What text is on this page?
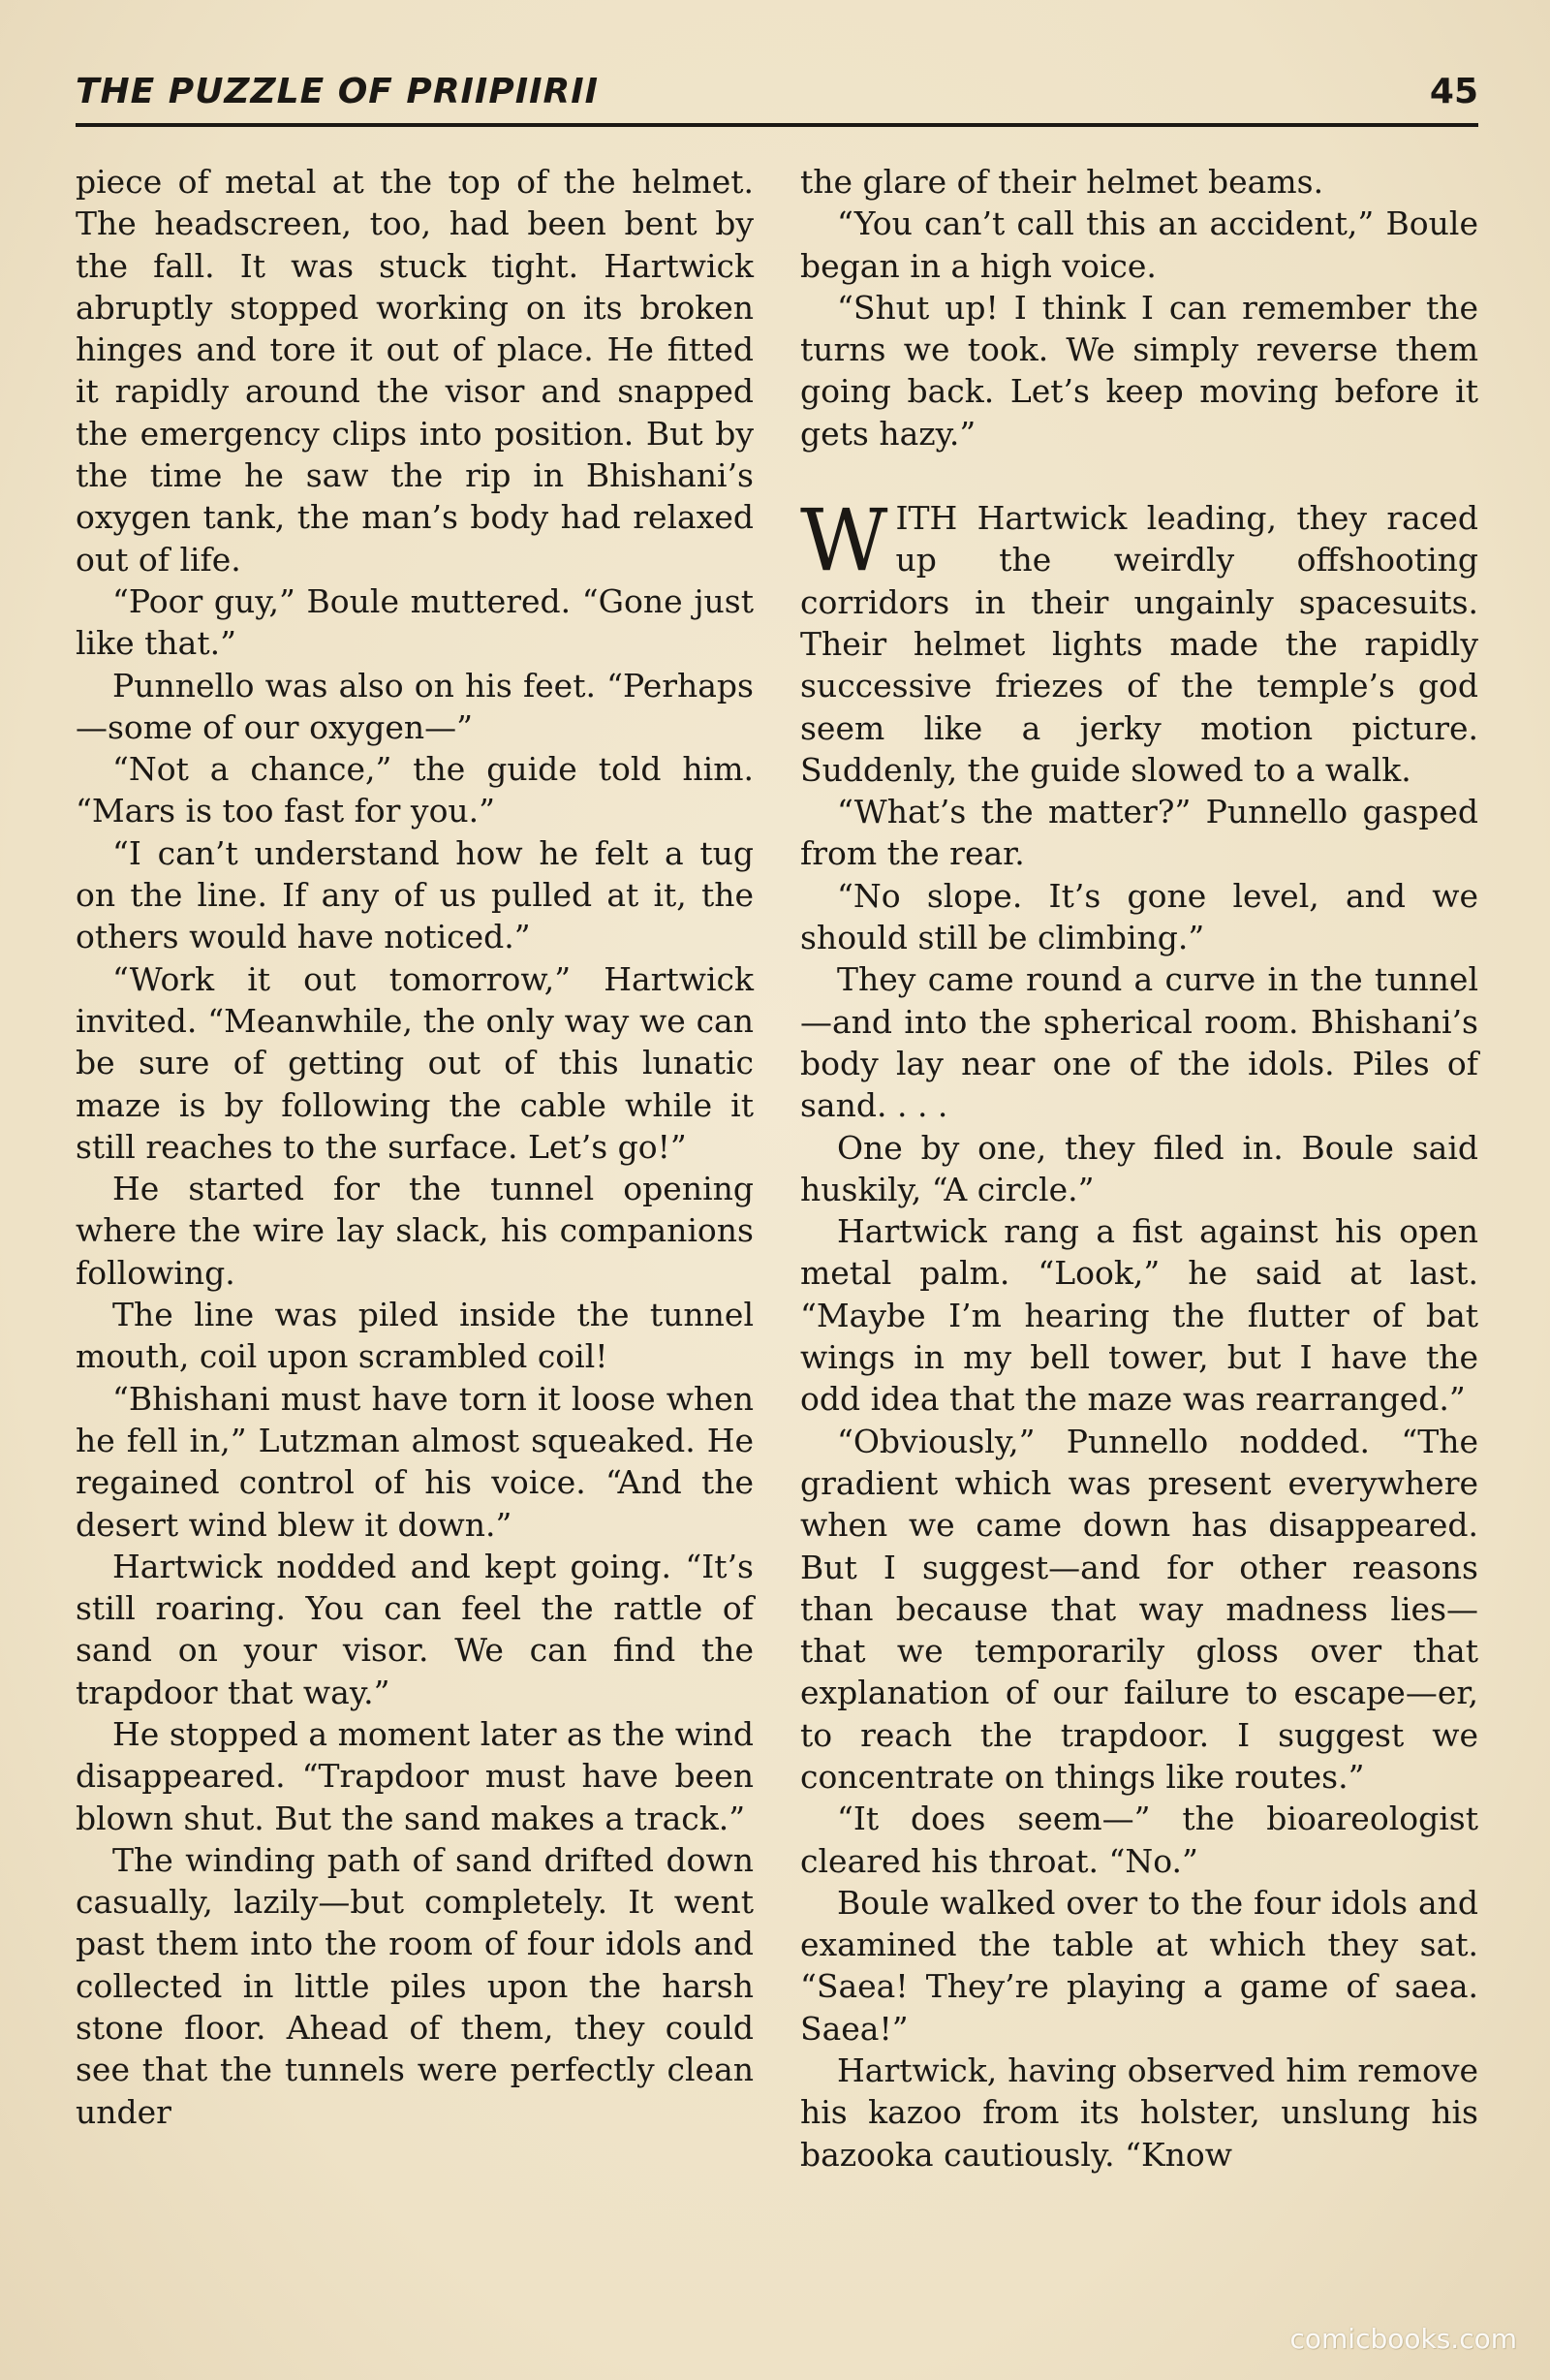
THE PUZZLE OF PRIIPIIRII	45

piece of metal at the top of the helmet. The headscreen, too, had been bent by the fall. It was stuck tight. Hartwick abruptly stopped working on its broken hinges and tore it out of place. He fitted it rapidly around the visor and snapped the emergency clips into position. But by the time he saw the rip in Bhishani’s oxygen tank, the man’s body had relaxed out of life.

“Poor guy,” Boule muttered. “Gone just like that.”

Punnello was also on his feet. “Perhaps—some of our oxygen—”

“Not a chance,” the guide told him. “Mars is too fast for you.”

“I can’t understand how he felt a tug on the line. If any of us pulled at it, the others would have noticed.”

“Work it out tomorrow,” Hartwick invited. “Meanwhile, the only way we can be sure of getting out of this lunatic maze is by following the cable while it still reaches to the surface. Let’s go!”

He started for the tunnel opening where the wire lay slack, his companions following.

The line was piled inside the tunnel mouth, coil upon scrambled coil!

“Bhishani must have torn it loose when he fell in,” Lutzman almost squeaked. He regained control of his voice. “And the desert wind blew it down.”

Hartwick nodded and kept going. “It’s still roaring. You can feel the rattle of sand on your visor. We can find the trapdoor that way.”

He stopped a moment later as the wind disappeared. “Trapdoor must have been blown shut. But the sand makes a track.”

The winding path of sand drifted down casually, lazily—but completely. It went past them into the room of four idols and collected in little piles upon the harsh stone floor. Ahead of them, they could see that the tunnels were perfectly clean under

the glare of their helmet beams.

“You can’t call this an accident,” Boule began in a high voice.

“Shut up! I think I can remember the turns we took. We simply reverse them going back. Let’s keep moving before it gets hazy.”

WITH Hartwick leading, they raced up the weirdly offshooting corridors in their ungainly spacesuits. Their helmet lights made the rapidly successive friezes of the temple’s god seem like a jerky motion picture. Suddenly, the guide slowed to a walk.

“What’s the matter?” Punnello gasped from the rear.

“No slope. It’s gone level, and we should still be climbing.”

They came round a curve in the tunnel—and into the spherical room. Bhishani’s body lay near one of the idols. Piles of sand. . . .

One by one, they filed in. Boule said huskily, “A circle.”

Hartwick rang a fist against his open metal palm. “Look,” he said at last. “Maybe I’m hearing the flutter of bat wings in my bell tower, but I have the odd idea that the maze was rearranged.”

“Obviously,” Punnello nodded. “The gradient which was present everywhere when we came down has disappeared. But I suggest—and for other reasons than because that way madness lies—that we temporarily gloss over that explanation of our failure to escape—er, to reach the trapdoor. I suggest we concentrate on things like routes.”

“It does seem—” the bioareologist cleared his throat. “No.”

Boule walked over to the four idols and examined the table at which they sat. “Saea! They’re playing a game of saea. Saea!”

Hartwick, having observed him remove his kazoo from its holster, unslung his bazooka cautiously. “Know

comicbooks.com
